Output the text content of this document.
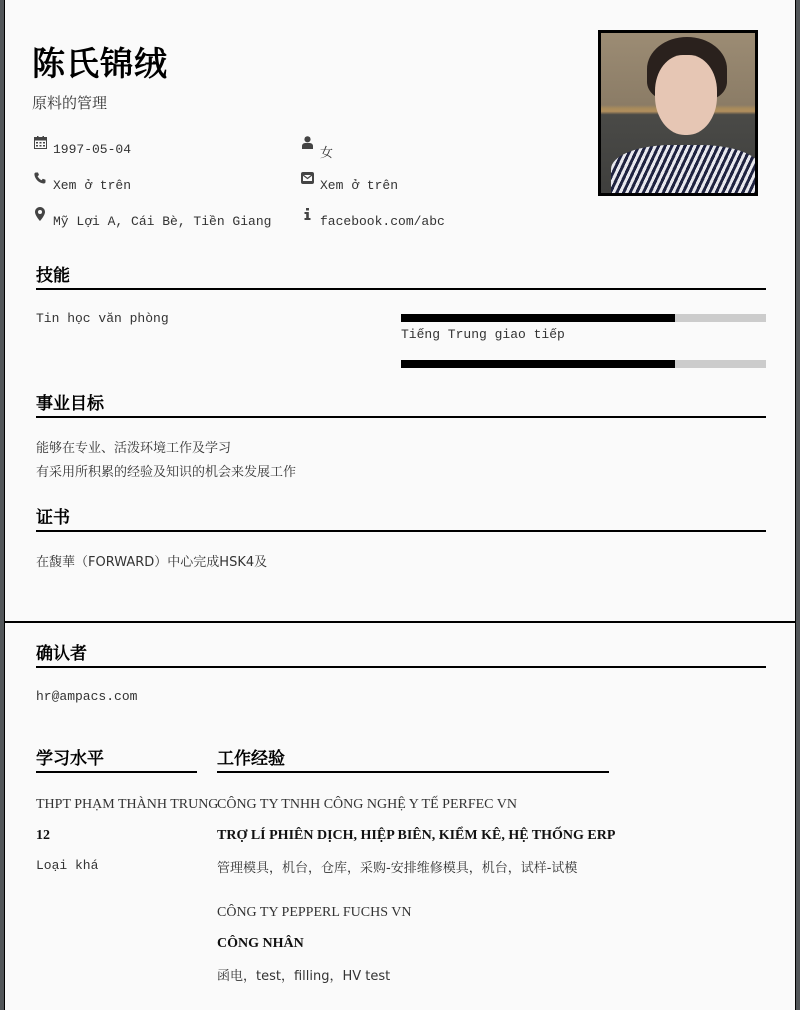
陈氏锦绒
原料的管理
1997-05-04
Xem ở trên
Mỹ Lợi A, Cái Bè, Tiền Giang
女
Xem ở trên
facebook.com/abc
技能
Tin học văn phòng
Tiếng Trung giao tiếp
事业目标
能够在专业、活泼环境工作及学习
有采用所积累的经验及知识的机会来发展工作
证书
在馥華（FORWARD）中心完成HSK4及
确认者
hr@ampacs.com
学习水平
THPT PHẠM THÀNH TRUNG
12
Loại khá
工作经验
CÔNG TY TNHH CÔNG NGHỆ Y TẾ PERFEC VN
TRỢ LÍ PHIÊN DỊCH, HIỆP BIÊN, KIỂM KÊ, HỆ THỐNG ERP
管理模具，机台，仓库，采购-安排维修模具，机台，试样-试模
CÔNG TY PEPPERL FUCHS VN
CÔNG NHÂN
函电，test，filling，HV test
